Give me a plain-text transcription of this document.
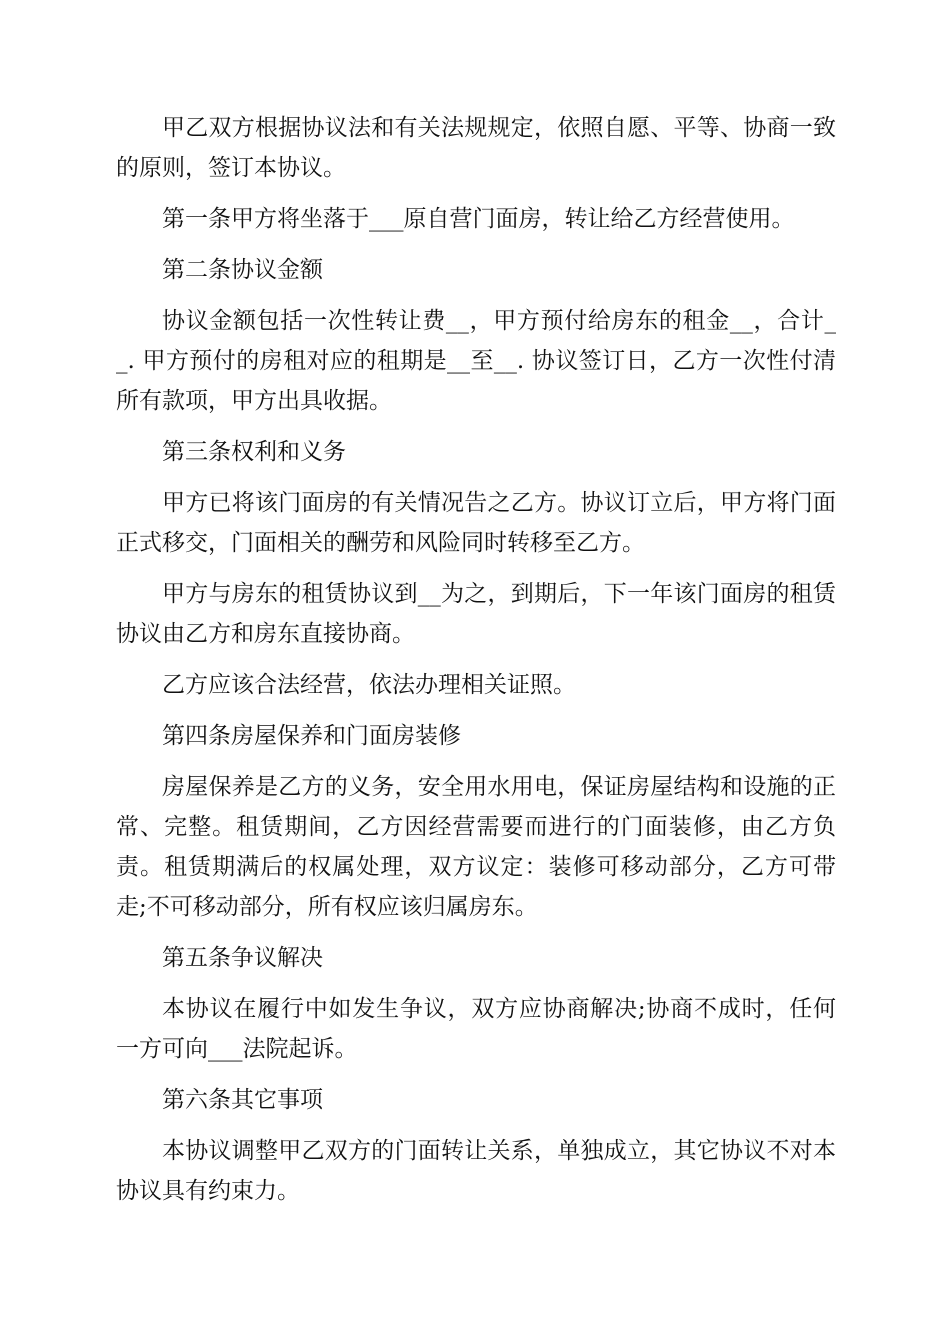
甲乙双方根据协议法和有关法规规定，依照自愿、平等、协商一致的原则，签订本协议。

第一条甲方将坐落于___原自营门面房，转让给乙方经营使用。

第二条协议金额

协议金额包括一次性转让费__，甲方预付给房东的租金__，合计__. 甲方预付的房租对应的租期是__至__. 协议签订日，乙方一次性付清所有款项，甲方出具收据。

第三条权利和义务

甲方已将该门面房的有关情况告之乙方。协议订立后，甲方将门面正式移交，门面相关的酬劳和风险同时转移至乙方。

甲方与房东的租赁协议到__为之，到期后，下一年该门面房的租赁协议由乙方和房东直接协商。

乙方应该合法经营，依法办理相关证照。

第四条房屋保养和门面房装修

房屋保养是乙方的义务，安全用水用电，保证房屋结构和设施的正常、完整。租赁期间，乙方因经营需要而进行的门面装修，由乙方负责。租赁期满后的权属处理，双方议定：装修可移动部分，乙方可带走;不可移动部分，所有权应该归属房东。

第五条争议解决

本协议在履行中如发生争议，双方应协商解决;协商不成时，任何一方可向___法院起诉。

第六条其它事项

本协议调整甲乙双方的门面转让关系，单独成立，其它协议不对本协议具有约束力。
